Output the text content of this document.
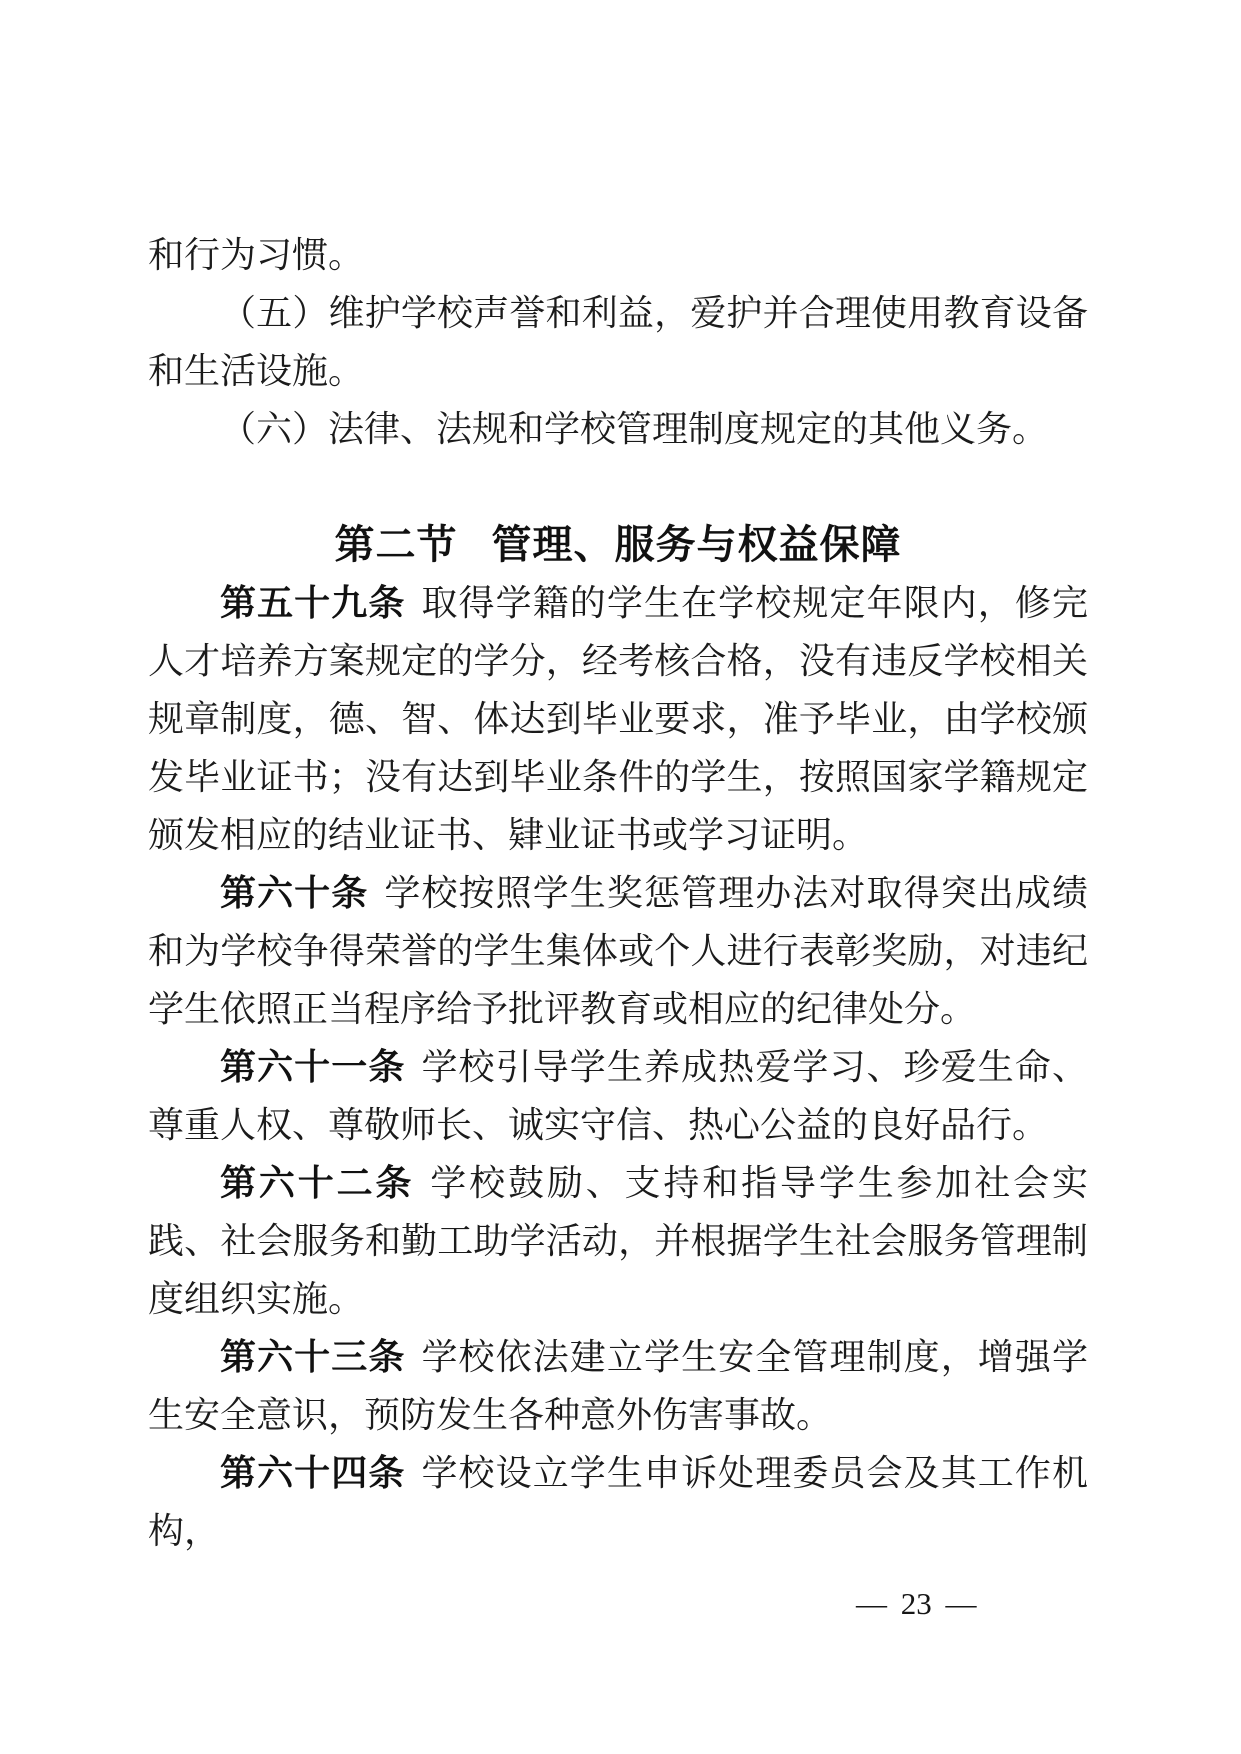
和行为习惯。

（五）维护学校声誉和利益，爱护并合理使用教育设备和生活设施。

（六）法律、法规和学校管理制度规定的其他义务。

第二节 管理、服务与权益保障

第五十九条 取得学籍的学生在学校规定年限内，修完人才培养方案规定的学分，经考核合格，没有违反学校相关规章制度，德、智、体达到毕业要求，准予毕业，由学校颁发毕业证书；没有达到毕业条件的学生，按照国家学籍规定颁发相应的结业证书、肄业证书或学习证明。

第六十条 学校按照学生奖惩管理办法对取得突出成绩和为学校争得荣誉的学生集体或个人进行表彰奖励，对违纪学生依照正当程序给予批评教育或相应的纪律处分。

第六十一条 学校引导学生养成热爱学习、珍爱生命、尊重人权、尊敬师长、诚实守信、热心公益的良好品行。

第六十二条 学校鼓励、支持和指导学生参加社会实践、社会服务和勤工助学活动，并根据学生社会服务管理制度组织实施。

第六十三条 学校依法建立学生安全管理制度，增强学生安全意识，预防发生各种意外伤害事故。

第六十四条 学校设立学生申诉处理委员会及其工作机构，

— 23 —
